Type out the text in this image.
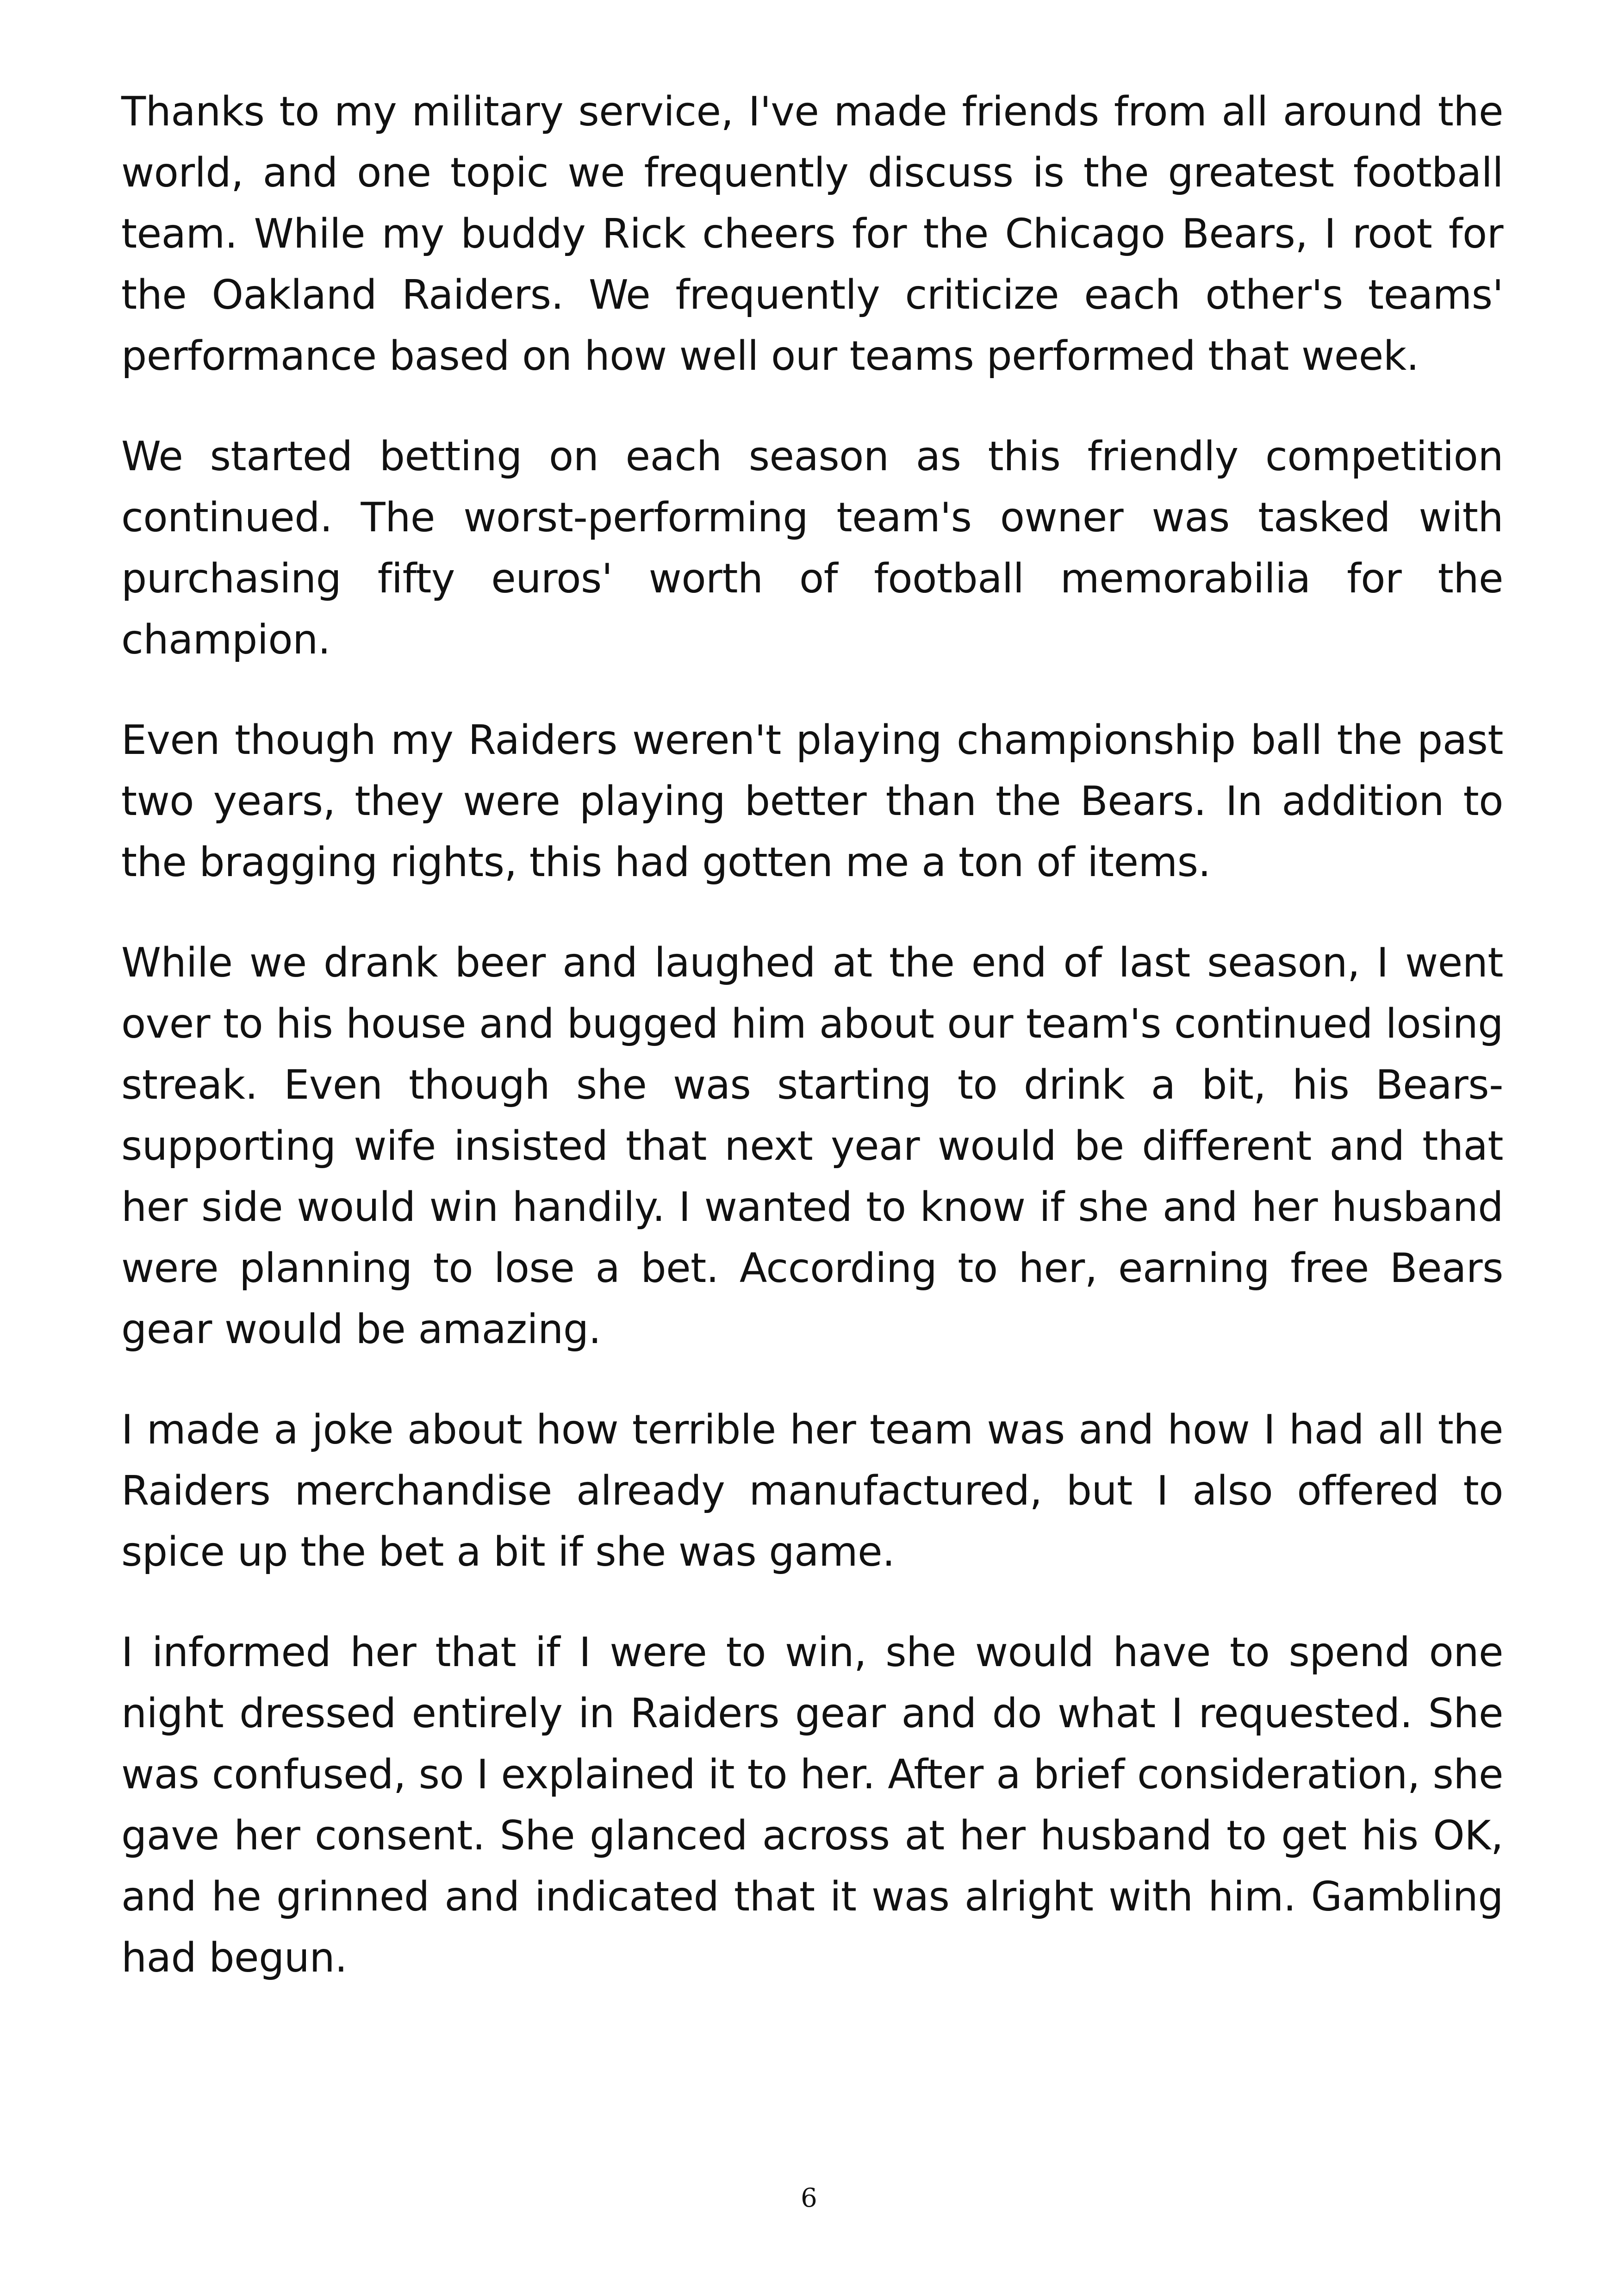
Thanks to my military service, I've made friends from all around the world, and one topic we frequently discuss is the greatest football team. While my buddy Rick cheers for the Chicago Bears, I root for the Oakland Raiders. We frequently criticize each other's teams' performance based on how well our teams performed that week.

We started betting on each season as this friendly competition continued. The worst-performing team's owner was tasked with purchasing fifty euros' worth of football memorabilia for the champion.

Even though my Raiders weren't playing championship ball the past two years, they were playing better than the Bears. In addition to the bragging rights, this had gotten me a ton of items.

While we drank beer and laughed at the end of last season, I went over to his house and bugged him about our team's continued losing streak. Even though she was starting to drink a bit, his Bears-supporting wife insisted that next year would be different and that her side would win handily. I wanted to know if she and her husband were planning to lose a bet. According to her, earning free Bears gear would be amazing.

I made a joke about how terrible her team was and how I had all the Raiders merchandise already manufactured, but I also offered to spice up the bet a bit if she was game.

I informed her that if I were to win, she would have to spend one night dressed entirely in Raiders gear and do what I requested. She was confused, so I explained it to her. After a brief consideration, she gave her consent. She glanced across at her husband to get his OK, and he grinned and indicated that it was alright with him. Gambling had begun.

6
